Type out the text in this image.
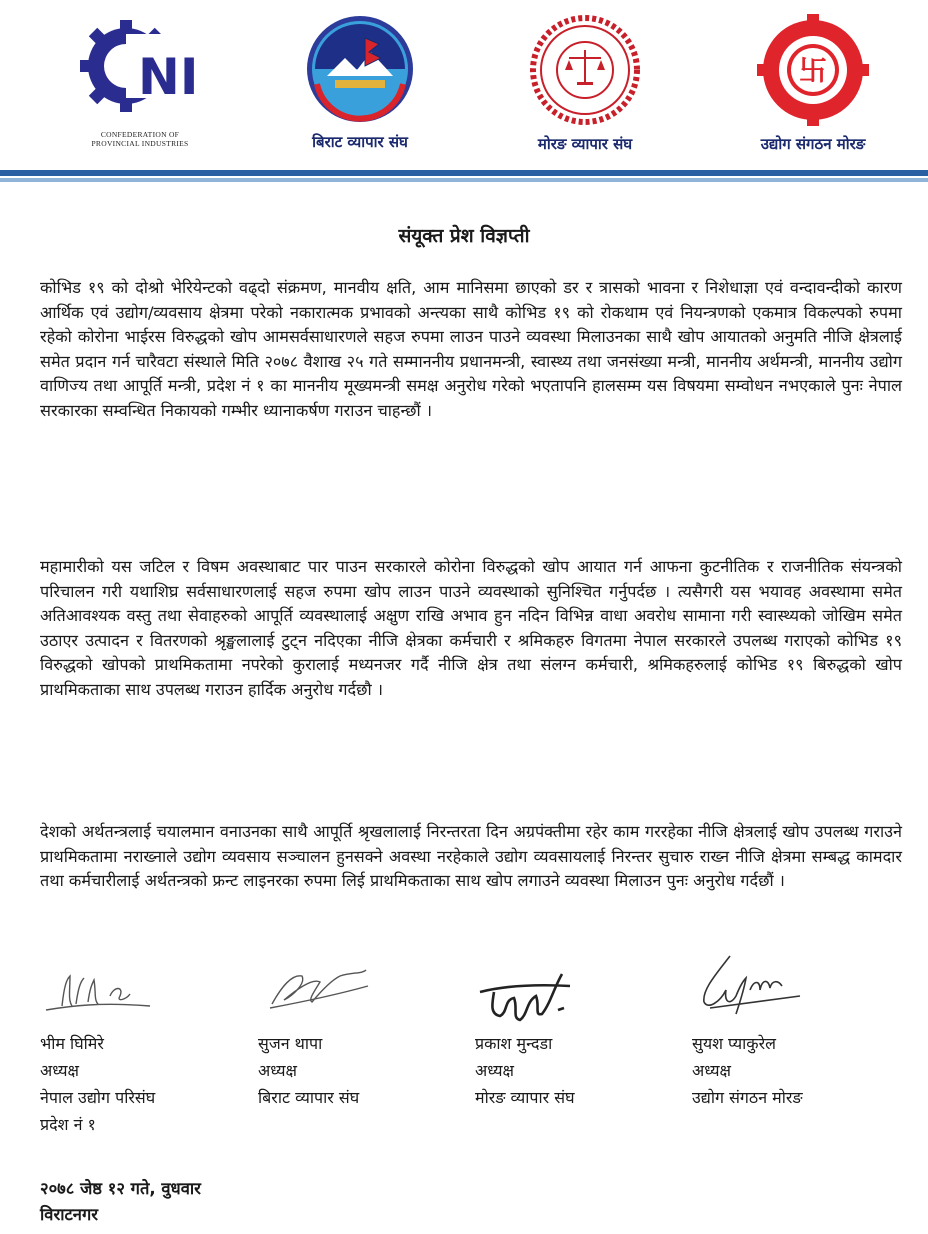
NI
CONFEDERATION OF PROVINCIAL INDUSTRIES	बिराट व्यापार संघ	मोरङ व्यापार संघ
卐
उद्योग संगठन मोरङ
संयूक्त प्रेश विज्ञप्ती

कोभिड १९ को दोश्रो भेरियेन्टको वढ्दो संक्रमण, मानवीय क्षति, आम मानिसमा छाएको डर र त्रासको भावना र निशेधाज्ञा एवं वन्दावन्दीको कारण आर्थिक एवं उद्योग/व्यवसाय क्षेत्रमा परेको नकारात्मक प्रभावको अन्त्यका साथै कोभिड १९ को रोकथाम एवं नियन्त्रणको एकमात्र विकल्पको रुपमा रहेको कोरोना भाईरस विरुद्धको खोप आमसर्वसाधारणले सहज रुपमा लाउन पाउने व्यवस्था मिलाउनका साथै खोप आयातको अनुमति नीजि क्षेत्रलाई समेत प्रदान गर्न चारैवटा संस्थाले मिति २०७८ वैशाख २५ गते सम्माननीय प्रधानमन्त्री, स्वास्थ्य तथा जनसंख्या मन्त्री, माननीय अर्थमन्त्री, माननीय उद्योग वाणिज्य तथा आपूर्ति मन्त्री, प्रदेश नं १ का माननीय मूख्यमन्त्री समक्ष अनुरोध गरेको भएतापनि हालसम्म यस विषयमा सम्वोधन नभएकाले पुनः नेपाल सरकारका सम्वन्धित निकायको गम्भीर ध्यानाकर्षण गराउन चाहन्छौं ।

महामारीको यस जटिल र विषम अवस्थाबाट पार पाउन सरकारले कोरोना विरुद्धको खोप आयात गर्न आफना कुटनीतिक र राजनीतिक संयन्त्रको परिचालन गरी यथाशिघ्र सर्वसाधारणलाई सहज रुपमा खोप लाउन पाउने व्यवस्थाको सुनिश्चित गर्नुपर्दछ । त्यसैगरी यस भयावह अवस्थामा समेत अतिआवश्यक वस्तु तथा सेवाहरुको आपूर्ति व्यवस्थालाई अक्षुण राखि अभाव हुन नदिन विभिन्न वाधा अवरोध सामाना गरी स्वास्थ्यको जोखिम समेत उठाएर उत्पादन र वितरणको श्रृङ्खलालाई टुट्न नदिएका नीजि क्षेत्रका कर्मचारी र श्रमिकहरु विगतमा नेपाल सरकारले उपलब्ध गराएको कोभिड १९ विरुद्धको खोपको प्राथमिकतामा नपरेको कुरालाई मध्यनजर गर्दै नीजि क्षेत्र तथा संलग्न कर्मचारी, श्रमिकहरुलाई कोभिड १९ बिरुद्धको खोप प्राथमिकताका साथ उपलब्ध गराउन हार्दिक अनुरोध गर्दछौ ।

देशको अर्थतन्त्रलाई चयालमान वनाउनका साथै आपूर्ति श्रृखलालाई निरन्तरता दिन अग्रपंक्तीमा रहेर काम गररहेका नीजि क्षेत्रलाई खोप उपलब्ध गराउने प्राथमिकतामा नराख्नाले उद्योग व्यवसाय सञ्चालन हुनसक्ने अवस्था नरहेकाले उद्योग व्यवसायलाई निरन्तर सुचारु राख्न नीजि क्षेत्रमा सम्बद्ध कामदार तथा कर्मचारीलाई अर्थतन्त्रको फ्रन्ट लाइनरका रुपमा लिई प्राथमिकताका साथ खोप लगाउने व्यवस्था मिलाउन पुनः अनुरोध गर्दछौं ।

भीम घिमिरे
अध्यक्ष
नेपाल उद्योग परिसंघ
प्रदेश नं १
सुजन थापा
अध्यक्ष
बिराट व्यापार संघ
प्रकाश मुन्दडा
अध्यक्ष
मोरङ व्यापार संघ
सुयश प्याकुरेल
अध्यक्ष
उद्योग संगठन मोरङ
२०७८ जेष्ठ १२ गते, वुधवार
विराटनगर
